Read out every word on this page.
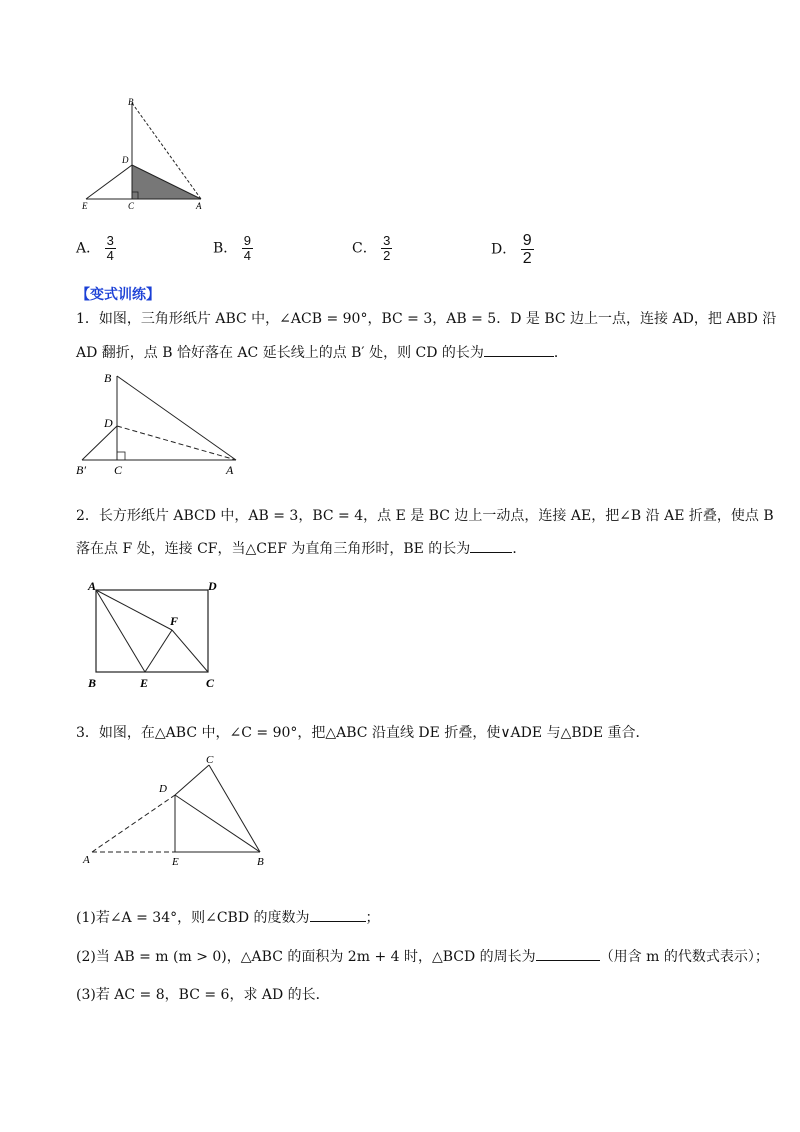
B
D
E	C	A
A． $\frac{3}{4}$	B． $\frac{9}{4}$	C． $\frac{3}{2}$	D． $\frac{9}{2}$
【变式训练】
1．如图，三角形纸片 ABC 中，∠ACB = 90°，BC = 3，AB = 5．D 是 BC 边上一点，连接 AD，把 ABD 沿
AD 翻折，点 B 恰好落在 AC 延长线上的点 B′ 处，则 CD 的长为	．
B
D
B′ C	A
2．长方形纸片 ABCD 中，AB = 3，BC = 4，点 E 是 BC 边上一动点，连接 AE，把∠B 沿 AE 折叠，使点 B
落在点 F 处，连接 CF，当△CEF 为直角三角形时，BE 的长为	．
A	D
F
B	E	C
3．如图，在△ABC 中，∠C = 90°，把△ABC 沿直线 DE 折叠，使∨ADE 与△BDE 重合．
C
D
A	E	B
(1)若∠A = 34°，则∠CBD 的度数为	；
(2)当 AB = m (m > 0)，△ABC 的面积为 2m + 4 时，△BCD 的周长为	（用含 m 的代数式表示）；
(3)若 AC = 8，BC = 6，求 AD 的长．
